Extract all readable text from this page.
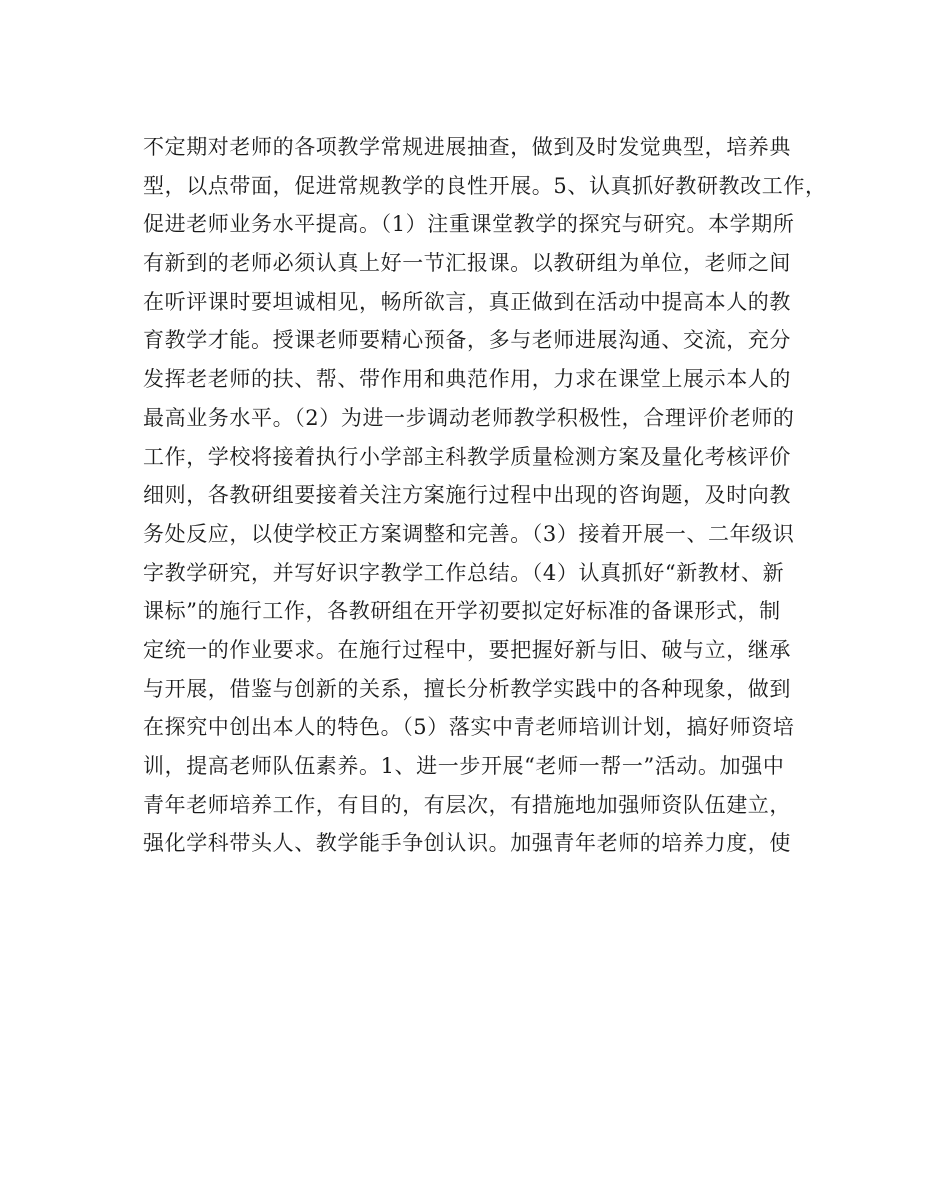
不定期对老师的各项教学常规进展抽查，做到及时发觉典型，培养典
型，以点带面，促进常规教学的良性开展。5、认真抓好教研教改工作，
促进老师业务水平提高。（1）注重课堂教学的探究与研究。本学期所
有新到的老师必须认真上好一节汇报课。以教研组为单位，老师之间
在听评课时要坦诚相见，畅所欲言，真正做到在活动中提高本人的教
育教学才能。授课老师要精心预备，多与老师进展沟通、交流，充分
发挥老老师的扶、帮、带作用和典范作用，力求在课堂上展示本人的
最高业务水平。（2）为进一步调动老师教学积极性，合理评价老师的
工作，学校将接着执行小学部主科教学质量检测方案及量化考核评价
细则，各教研组要接着关注方案施行过程中出现的咨询题，及时向教
务处反应，以使学校正方案调整和完善。（3）接着开展一、二年级识
字教学研究，并写好识字教学工作总结。（4）认真抓好“新教材、新
课标”的施行工作，各教研组在开学初要拟定好标准的备课形式，制
定统一的作业要求。在施行过程中，要把握好新与旧、破与立，继承
与开展，借鉴与创新的关系，擅长分析教学实践中的各种现象，做到
在探究中创出本人的特色。（5）落实中青老师培训计划，搞好师资培
训，提高老师队伍素养。1、进一步开展“老师一帮一”活动。加强中
青年老师培养工作，有目的，有层次，有措施地加强师资队伍建立，
强化学科带头人、教学能手争创认识。加强青年老师的培养力度，使
